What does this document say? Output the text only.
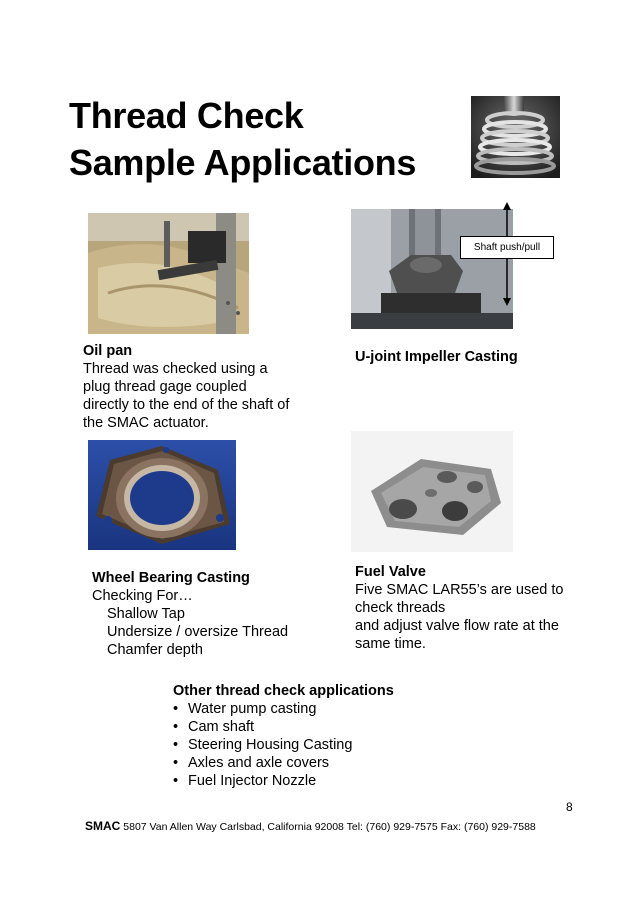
Thread Check
Sample Applications
Shaft push/pull
Oil pan
Thread was checked using a
plug thread gage coupled
directly to the end of the shaft of
the SMAC actuator.
U-joint Impeller Casting
Wheel Bearing Casting
Checking For…
Shallow Tap
Undersize / oversize Thread
Chamfer depth
Fuel Valve
Five SMAC LAR55’s are used to
check threads
and adjust valve flow rate at the
same time.
Other thread check applications
• Water pump casting
• Cam shaft
• Steering Housing Casting
• Axles and axle covers
• Fuel Injector Nozzle
8
SMAC 5807 Van Allen Way Carlsbad, California 92008 Tel: (760) 929-7575 Fax: (760) 929-7588
